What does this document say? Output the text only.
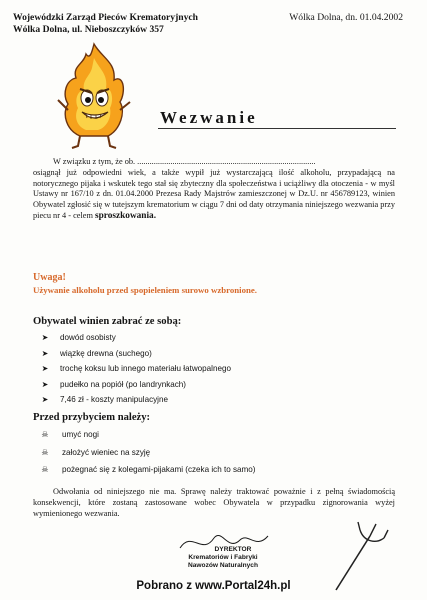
Wojewódzki Zarząd Pieców Krematoryjnych
Wólka Dolna, ul. Nieboszczyków 357
Wólka Dolna, dn. 01.04.2002
Wezwanie
W związku z tym, że ob. ......................................................................................
osiągnął już odpowiedni wiek, a także wypił już wystarczającą ilość alkoholu, przypadającą na notorycznego pijaka i wskutek tego stał się zbyteczny dla społeczeństwa i uciążliwy dla otoczenia - w myśl Ustawy nr 167/10 z dn. 01.04.2000 Prezesa Rady Majstrów zamieszczonej w Dz.U. nr 456789123, winien Obywatel zgłosić się w tutejszym krematorium w ciągu 7 dni od daty otrzymania niniejszego wezwania przy piecu nr 4 - celem sproszkowania.
Uwaga!
Używanie alkoholu przed spopieleniem surowo wzbronione.
Obywatel winien zabrać ze sobą:
➤	dowód osobisty
➤	wiązkę drewna (suchego)
➤	trochę koksu lub innego materiału łatwopalnego
➤	pudełko na popiół (po landrynkach)
➤	7,46 zł - koszty manipulacyjne
Przed przybyciem należy:
☠	umyć nogi
☠	założyć wieniec na szyję
☠	pożegnać się z kolegami-pijakami (czeka ich to samo)
Odwołania od niniejszego nie ma. Sprawę należy traktować poważnie i z pełną świadomością konsekwencji, które zostaną zastosowane wobec Obywatela w przypadku zignorowania wyżej wymienionego wezwania.
DYREKTOR
Krematoriów i Fabryki
Nawozów Naturalnych
Pobrano z www.Portal24h.pl
